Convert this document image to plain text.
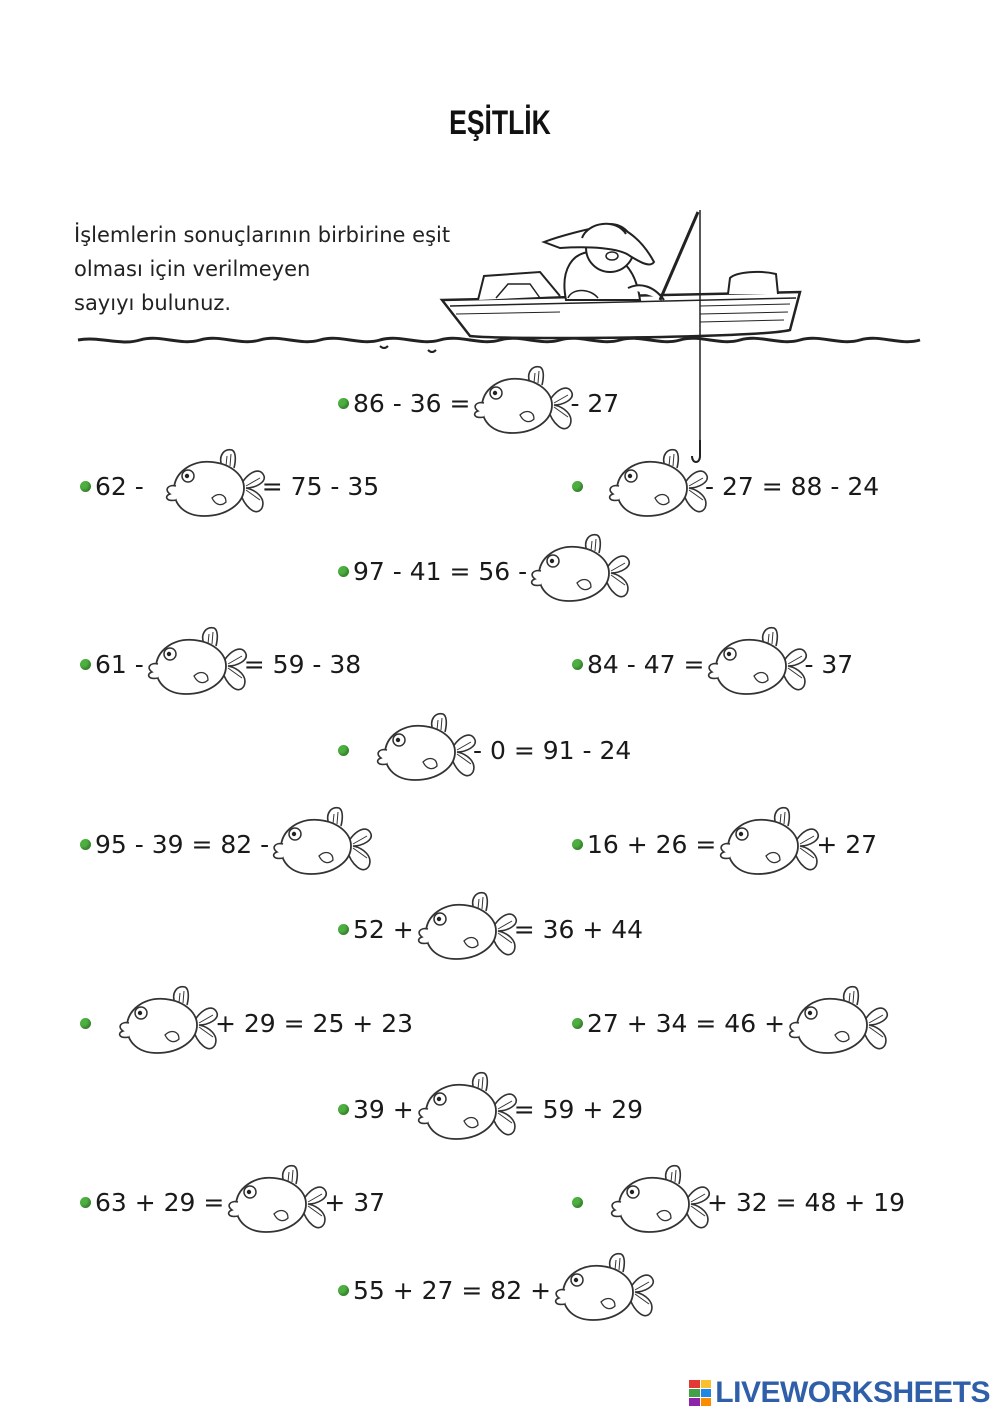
EŞİTLİK
İşlemlerin sonuçlarının birbirine eşit
olması için verilmeyen
sayıyı bulunuz.
86 - 36 =	- 27
62 -	= 75 - 35	- 27 = 88 - 24
97 - 41 = 56 -
61 -	= 59 - 38	84 - 47 =	- 37
- 0 = 91 - 24
95 - 39 = 82 -	16 + 26 =	+ 27
52 +	= 36 + 44
+ 29 = 25 + 23	27 + 34 = 46 +
39 +	= 59 + 29
63 + 29 =	+ 37	+ 32 = 48 + 19
55 + 27 = 82 +
LIVEWORKSHEETS
